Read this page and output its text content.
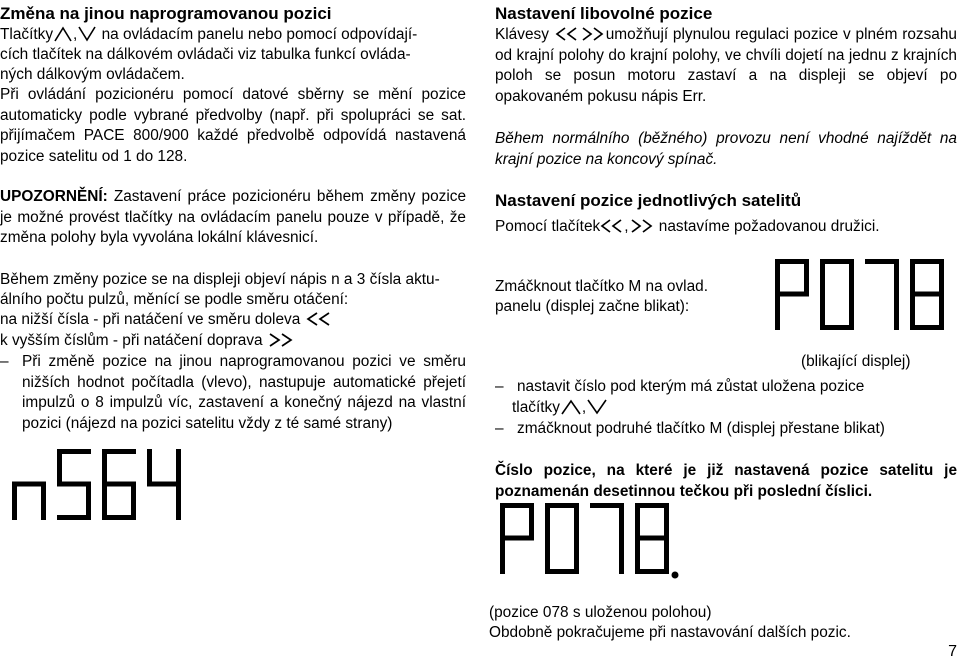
Změna na jinou naprogramovanou pozici
Tlačítky , na ovládacím panelu nebo pomocí odpovídají-
cích tlačítek na dálkovém ovládači viz tabulka funkcí ovláda-
ných dálkovým ovládačem.

Při ovládání pozicionéru pomocí datové sběrny se mění pozice automaticky podle vybrané předvolby (např. při spolupráci se sat. přijímačem PACE 800/900 každé předvolbě odpovídá nastavená pozice satelitu od 1 do 128.

UPOZORNĚNÍ: Zastavení práce pozicionéru během změny pozice je možné provést tlačítky na ovládacím panelu pouze v případě, že změna polohy byla vyvolána lokální klávesnicí.

Během změny pozice se na displeji objeví nápis n a 3 čísla aktu-
álního počtu pulzů, měnící se podle směru otáčení:
na nižší čísla - při natáčení ve směru doleva
k vyšším číslům - při natáčení doprava

– Při změně pozice na jinou naprogramovanou pozici ve směru nižších hodnot počítadla (vlevo), nastupuje automatické přejetí impulzů o 8 impulzů víc, zastavení a konečný nájezd na vlastní pozici (nájezd na pozici satelitu vždy z té samé strany)

Nastavení libovolné pozice

Klávesy	umožňují plynulou regulaci pozice v plném rozsahu od krajní polohy do krajní polohy, ve chvíli dojetí na jednu z krajních poloh se posun motoru zastaví a na displeji se objeví po opakovaném pokusu nápis Err.

Během normálního (běžného) provozu není vhodné najíždět na krajní pozice na koncový spínač.

Nastavení pozice jednotlivých satelitů
Pomocí tlačítek , nastavíme požadovanou družici.
Zmáčknout tlačítko M na ovlad.
panelu (displej začne blikat):
(blikající displej)
– nastavit číslo pod kterým má zůstat uložena pozice
tlačítky ,
– zmáčknout podruhé tlačítko M (displej přestane blikat)

Číslo pozice, na které je již nastavená pozice satelitu je poznamenán desetinnou tečkou při poslední číslici.

(pozice 078 s uloženou polohou)
Obdobně pokračujeme při nastavování dalších pozic.
7
